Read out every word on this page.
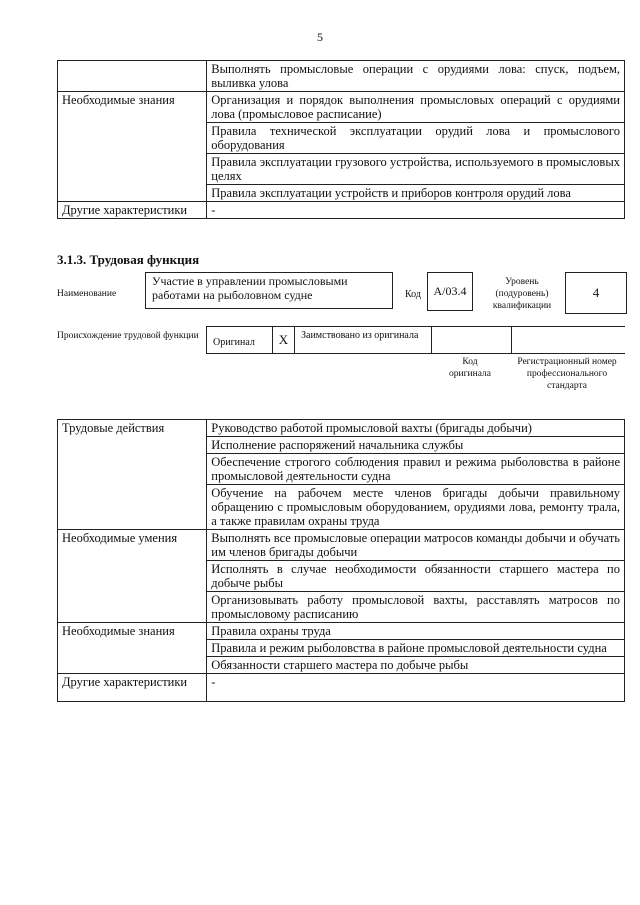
5
	Выполнять промысловые операции с орудиями лова: спуск, подъем, выливка улова
Необходимые знания	Организация и порядок выполнения промысловых операций с орудиями лова (промысловое расписание)
	Правила технической эксплуатации орудий лова и промыслового оборудования
	Правила эксплуатации грузового устройства, используемого в промысловых целях
	Правила эксплуатации устройств и приборов контроля орудий лова
Другие характеристики	-
3.1.3. Трудовая функция
Наименование
Участие в управлении промысловыми работами на рыболовном судне	Код	A/03.4
Уровень (подуровень) квалификации
4
Происхождение трудовой функции
Оригинал	X	Заимствовано из оригинала
Код оригинала
Регистрационный номер профессионального стандарта
Трудовые действия	Руководство работой промысловой вахты (бригады добычи)
	Исполнение распоряжений начальника службы
	Обеспечение строгого соблюдения правил и режима рыболовства в районе промысловой деятельности судна
	Обучение на рабочем месте членов бригады добычи правильному обращению с промысловым оборудованием, орудиями лова, ремонту трала, а также правилам охраны труда
Необходимые умения	Выполнять все промысловые операции матросов команды добычи и обучать им членов бригады добычи
	Исполнять в случае необходимости обязанности старшего мастера по добыче рыбы
	Организовывать работу промысловой вахты, расставлять матросов по промысловому расписанию
Необходимые знания	Правила охраны труда
	Правила и режим рыболовства в районе промысловой деятельности судна
	Обязанности старшего мастера по добыче рыбы
Другие характеристики	-
